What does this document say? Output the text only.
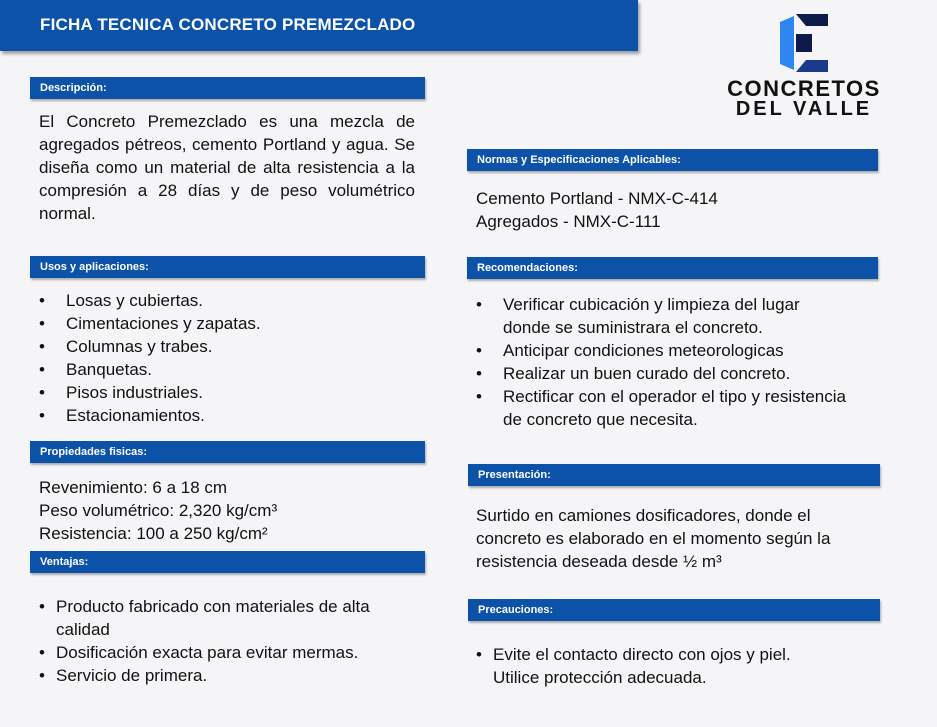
FICHA TECNICA CONCRETO PREMEZCLADO
CONCRETOS
DEL VALLE
Descripción:

El Concreto Premezclado es una mezcla de agregados pétreos, cemento Portland y agua. Se diseña como un material de alta resistencia a la compresión a 28 días y de peso volumétrico normal.

Usos y aplicaciones:
• Losas y cubiertas.
• Cimentaciones y zapatas.
• Columnas y trabes.
• Banquetas.
• Pisos industriales.
• Estacionamientos.
Propiedades fisicas:
Revenimiento: 6 a 18 cm
Peso volumétrico: 2,320 kg/cm³
Resistencia: 100 a 250 kg/cm²
Ventajas:
• Producto fabricado con materiales de alta calidad
• Dosificación exacta para evitar mermas.
• Servicio de primera.
Normas y Especificaciones Aplicables:
Cemento Portland - NMX-C-414
Agregados - NMX-C-111
Recomendaciones:
• Verificar cubicación y limpieza del lugar donde se suministrara el concreto.
• Anticipar condiciones meteorologicas
• Realizar un buen curado del concreto.
• Rectificar con el operador el tipo y resistencia de concreto que necesita.
Presentación:

Surtido en camiones dosificadores, donde el concreto es elaborado en el momento según la resistencia deseada desde ½ m³

Precauciones:
• Evite el contacto directo con ojos y piel. Utilice protección adecuada.
